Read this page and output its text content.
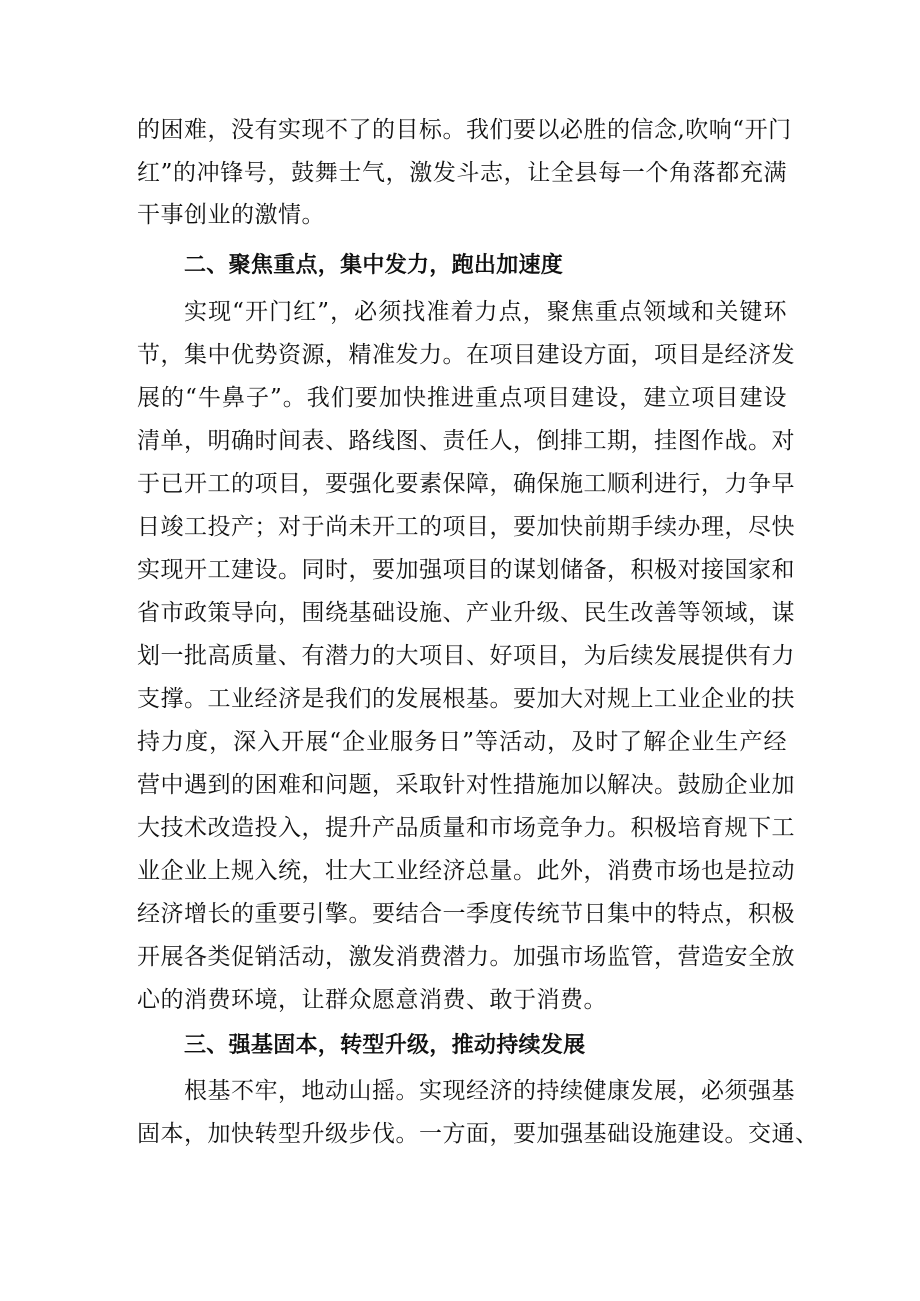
的困难，没有实现不了的目标。我们要以必胜的信念,吹响“开门
红”的冲锋号，鼓舞士气，激发斗志，让全县每一个角落都充满
干事创业的激情。
二、聚焦重点，集中发力，跑出加速度
实现“开门红”，必须找准着力点，聚焦重点领域和关键环
节，集中优势资源，精准发力。在项目建设方面，项目是经济发
展的“牛鼻子”。我们要加快推进重点项目建设，建立项目建设
清单，明确时间表、路线图、责任人，倒排工期，挂图作战。对
于已开工的项目，要强化要素保障，确保施工顺利进行，力争早
日竣工投产；对于尚未开工的项目，要加快前期手续办理，尽快
实现开工建设。同时，要加强项目的谋划储备，积极对接国家和
省市政策导向，围绕基础设施、产业升级、民生改善等领域，谋
划一批高质量、有潜力的大项目、好项目，为后续发展提供有力
支撑。工业经济是我们的发展根基。要加大对规上工业企业的扶
持力度，深入开展“企业服务日”等活动，及时了解企业生产经
营中遇到的困难和问题，采取针对性措施加以解决。鼓励企业加
大技术改造投入，提升产品质量和市场竞争力。积极培育规下工
业企业上规入统，壮大工业经济总量。此外，消费市场也是拉动
经济增长的重要引擎。要结合一季度传统节日集中的特点，积极
开展各类促销活动，激发消费潜力。加强市场监管，营造安全放
心的消费环境，让群众愿意消费、敢于消费。
三、强基固本，转型升级，推动持续发展
根基不牢，地动山摇。实现经济的持续健康发展，必须强基
固本，加快转型升级步伐。一方面，要加强基础设施建设。交通、
